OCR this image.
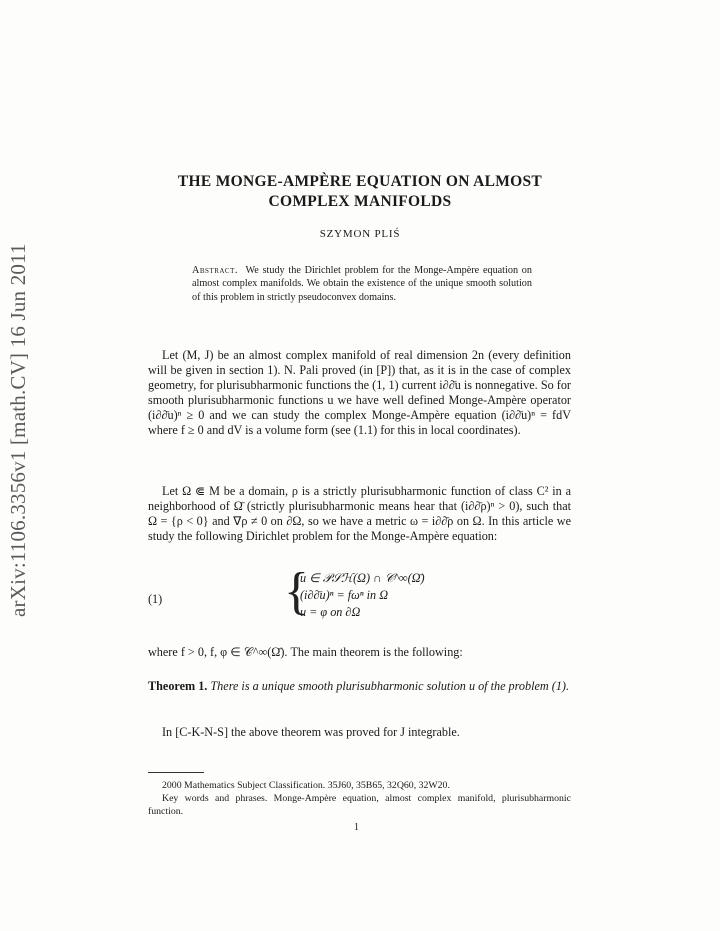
arXiv:1106.3356v1 [math.CV] 16 Jun 2011
THE MONGE-AMPÈRE EQUATION ON ALMOST
COMPLEX MANIFOLDS
SZYMON PLIŚ
Abstract. We study the Dirichlet problem for the Monge-Ampère equation on almost complex manifolds. We obtain the existence of the unique smooth solution of this problem in strictly pseudoconvex domains.

Let (M, J) be an almost complex manifold of real dimension 2n (every definition will be given in section 1). N. Pali proved (in [P]) that, as it is in the case of complex geometry, for plurisubharmonic functions the (1, 1) current i∂∂̄u is nonnegative. So for smooth plurisubharmonic functions u we have well defined Monge-Ampère operator (i∂∂̄u)ⁿ ≥ 0 and we can study the complex Monge-Ampère equation (i∂∂̄u)ⁿ = fdV where f ≥ 0 and dV is a volume form (see (1.1) for this in local coordinates).

Let Ω ⋐ M be a domain, ρ is a strictly plurisubharmonic function of class C² in a neighborhood of Ω̄ (strictly plurisubharmonic means hear that (i∂∂̄ρ)ⁿ > 0), such that Ω = {ρ < 0} and ∇ρ ≠ 0 on ∂Ω, so we have a metric ω = i∂∂̄ρ on Ω. In this article we study the following Dirichlet problem for the Monge-Ampère equation:

(1) {
u ∈ 𝒫𝒮ℋ(Ω) ∩ 𝒞^∞(Ω̄)
(i∂∂̄u)ⁿ = fωⁿ in Ω
u = φ on ∂Ω

where f > 0, f, φ ∈ 𝒞^∞(Ω̄). The main theorem is the following:

Theorem 1. There is a unique smooth plurisubharmonic solution u of the problem (1).

In [C-K-N-S] the above theorem was proved for J integrable.

2000 Mathematics Subject Classification. 35J60, 35B65, 32Q60, 32W20.

Key words and phrases. Monge-Ampère equation, almost complex manifold, plurisubharmonic function.

1
